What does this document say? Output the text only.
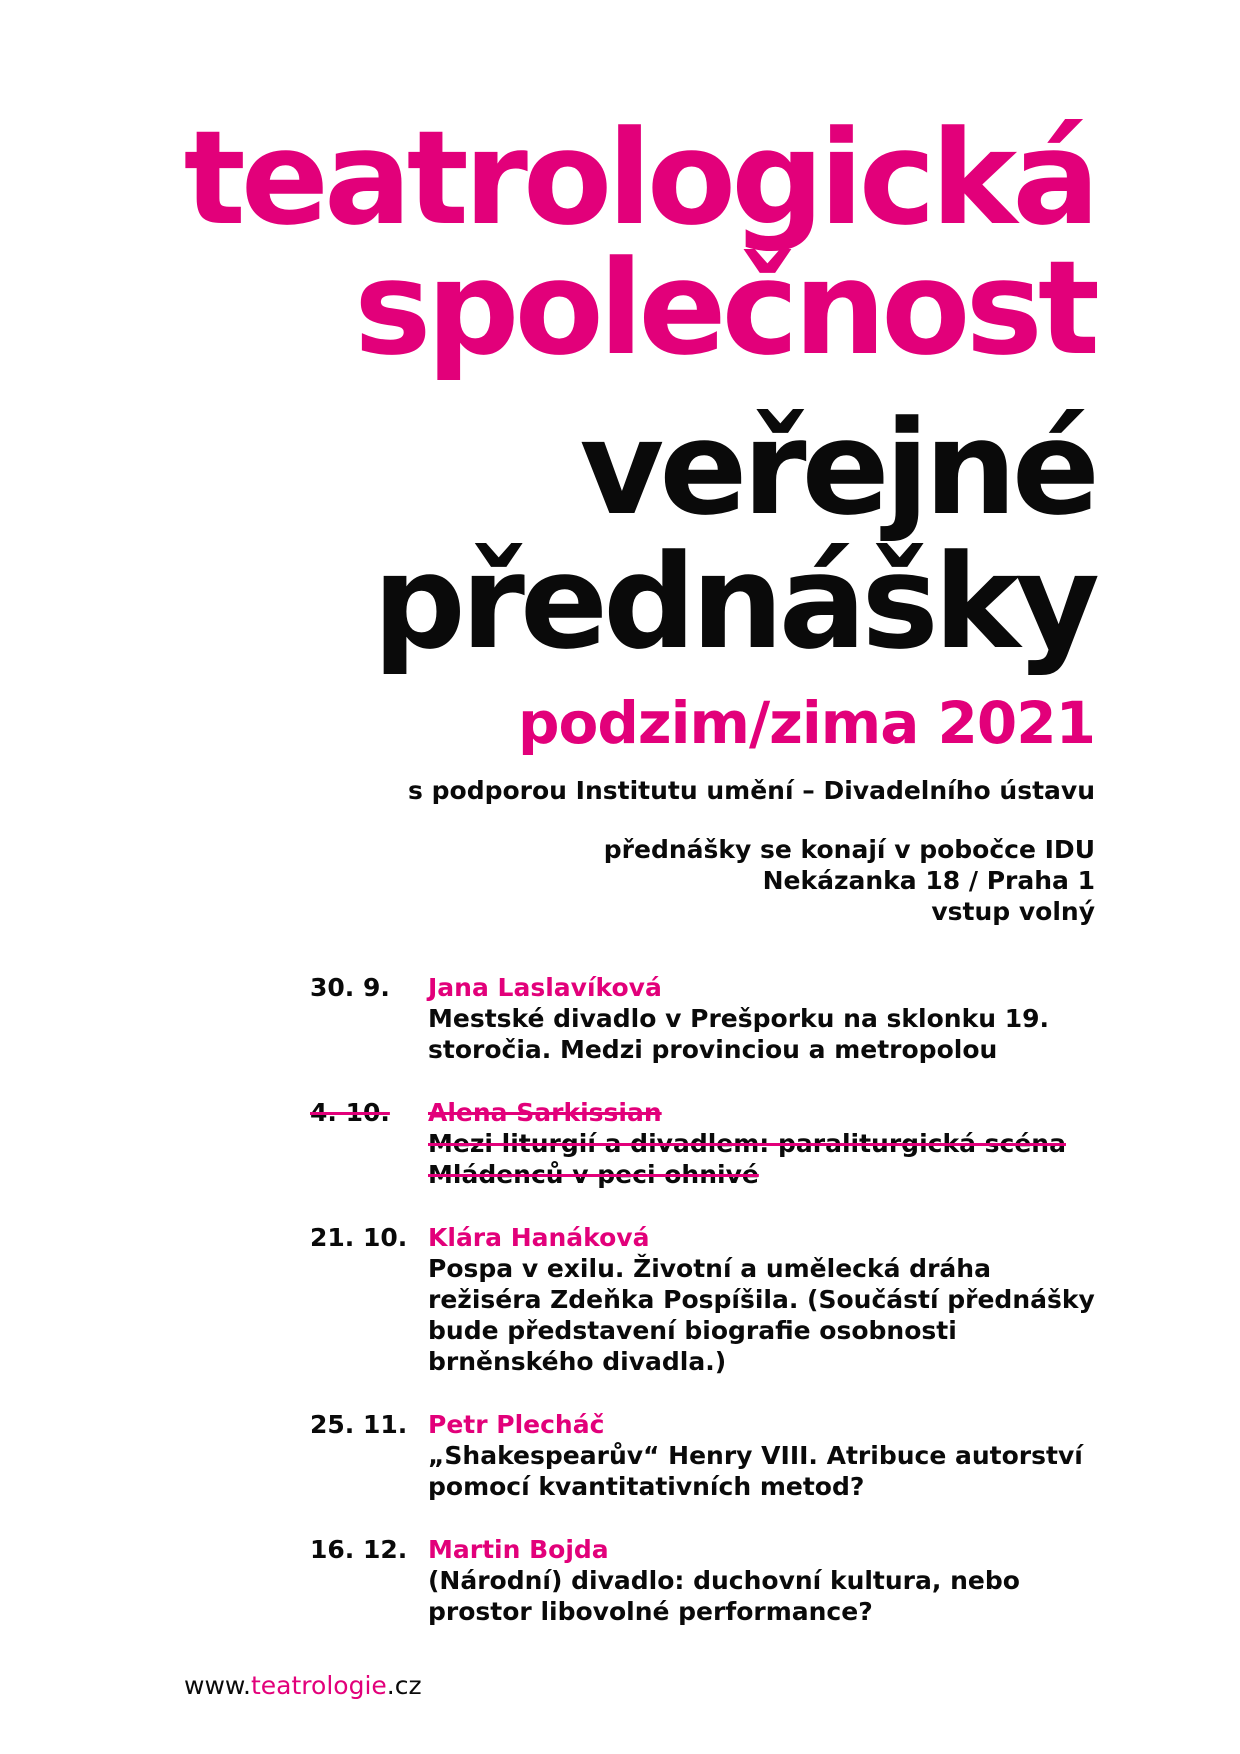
teatrologická
společnost
veřejné
přednášky
podzim/zima 2021
s podporou Institutu umění – Divadelního ústavu
přednášky se konají v pobočce IDU
Nekázanka 18 / Praha 1
vstup volný
30. 9.	Jana Laslavíková
Mestské divadlo v Prešporku na sklonku 19. storočia. Medzi provinciou a metropolou
4. 10.	Alena Sarkissian
Mezi liturgií a divadlem: paraliturgická scéna Mládenců v peci ohnivé
21. 10. Klára Hanáková
Pospa v exilu. Životní a umělecká dráha režiséra Zdeňka Pospíšila. (Součástí přednášky bude představení biografie osobnosti brněnského divadla.)
25. 11. Petr Plecháč
„Shakespearův“ Henry VIII. Atribuce autorství pomocí kvantitativních metod?
16. 12. Martin Bojda
(Národní) divadlo: duchovní kultura, nebo prostor libovolné performance?
www.teatrologie.cz
